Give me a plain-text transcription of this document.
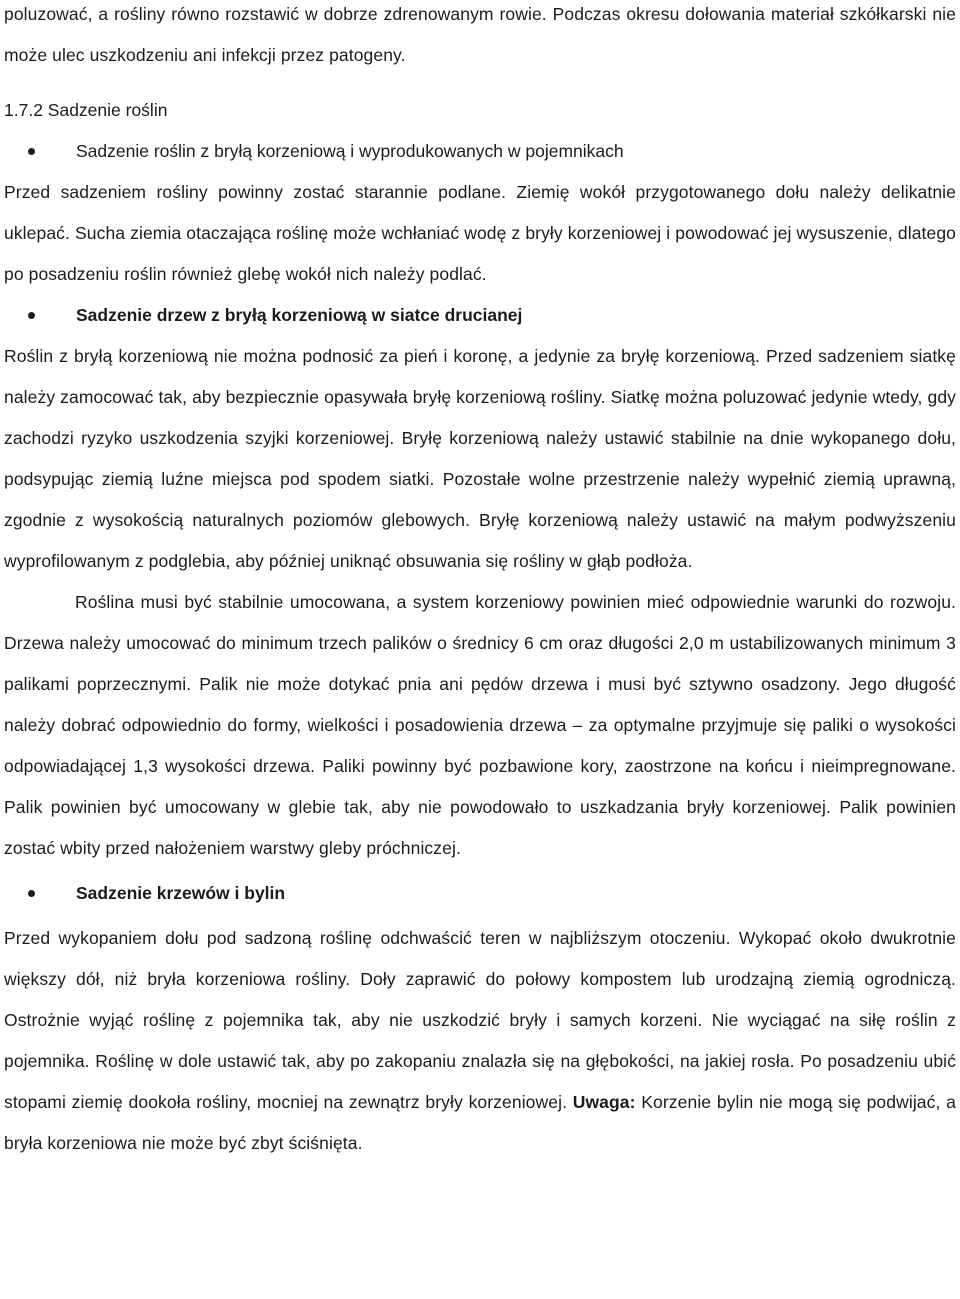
poluzować, a rośliny równo rozstawić w dobrze zdrenowanym rowie. Podczas okresu dołowania materiał szkółkarski nie może ulec uszkodzeniu ani infekcji przez patogeny.

1.7.2 Sadzenie roślin

Sadzenie roślin z bryłą korzeniową i wyprodukowanych w pojemnikach

Przed sadzeniem rośliny powinny zostać starannie podlane. Ziemię wokół przygotowanego dołu należy delikatnie uklepać. Sucha ziemia otaczająca roślinę może wchłaniać wodę z bryły korzeniowej i powodować jej wysuszenie, dlatego po posadzeniu roślin również glebę wokół nich należy podlać.

Sadzenie drzew z bryłą korzeniową w siatce drucianej

Roślin z bryłą korzeniową nie można podnosić za pień i koronę, a jedynie za bryłę korzeniową. Przed sadzeniem siatkę należy zamocować tak, aby bezpiecznie opasywała bryłę korzeniową rośliny. Siatkę można poluzować jedynie wtedy, gdy zachodzi ryzyko uszkodzenia szyjki korzeniowej. Bryłę korzeniową należy ustawić stabilnie na dnie wykopanego dołu, podsypując ziemią luźne miejsca pod spodem siatki. Pozostałe wolne przestrzenie należy wypełnić ziemią uprawną, zgodnie z wysokością naturalnych poziomów glebowych. Bryłę korzeniową należy ustawić na małym podwyższeniu wyprofilowanym z podglebia, aby później uniknąć obsuwania się rośliny w głąb podłoża.

Roślina musi być stabilnie umocowana, a system korzeniowy powinien mieć odpowiednie warunki do rozwoju. Drzewa należy umocować do minimum trzech palików o średnicy 6 cm oraz długości 2,0 m ustabilizowanych minimum 3 palikami poprzecznymi. Palik nie może dotykać pnia ani pędów drzewa i musi być sztywno osadzony. Jego długość należy dobrać odpowiednio do formy, wielkości i posadowienia drzewa – za optymalne przyjmuje się paliki o wysokości odpowiadającej 1,3 wysokości drzewa. Paliki powinny być pozbawione kory, zaostrzone na końcu i nieimpregnowane. Palik powinien być umocowany w glebie tak, aby nie powodowało to uszkadzania bryły korzeniowej. Palik powinien zostać wbity przed nałożeniem warstwy gleby próchniczej.

Sadzenie krzewów i bylin

Przed wykopaniem dołu pod sadzoną roślinę odchwaścić teren w najbliższym otoczeniu. Wykopać około dwukrotnie większy dół, niż bryła korzeniowa rośliny. Doły zaprawić do połowy kompostem lub urodzajną ziemią ogrodniczą. Ostrożnie wyjąć roślinę z pojemnika tak, aby nie uszkodzić bryły i samych korzeni. Nie wyciągać na siłę roślin z pojemnika. Roślinę w dole ustawić tak, aby po zakopaniu znalazła się na głębokości, na jakiej rosła. Po posadzeniu ubić stopami ziemię dookoła rośliny, mocniej na zewnątrz bryły korzeniowej. Uwaga: Korzenie bylin nie mogą się podwijać, a bryła korzeniowa nie może być zbyt ściśnięta.
